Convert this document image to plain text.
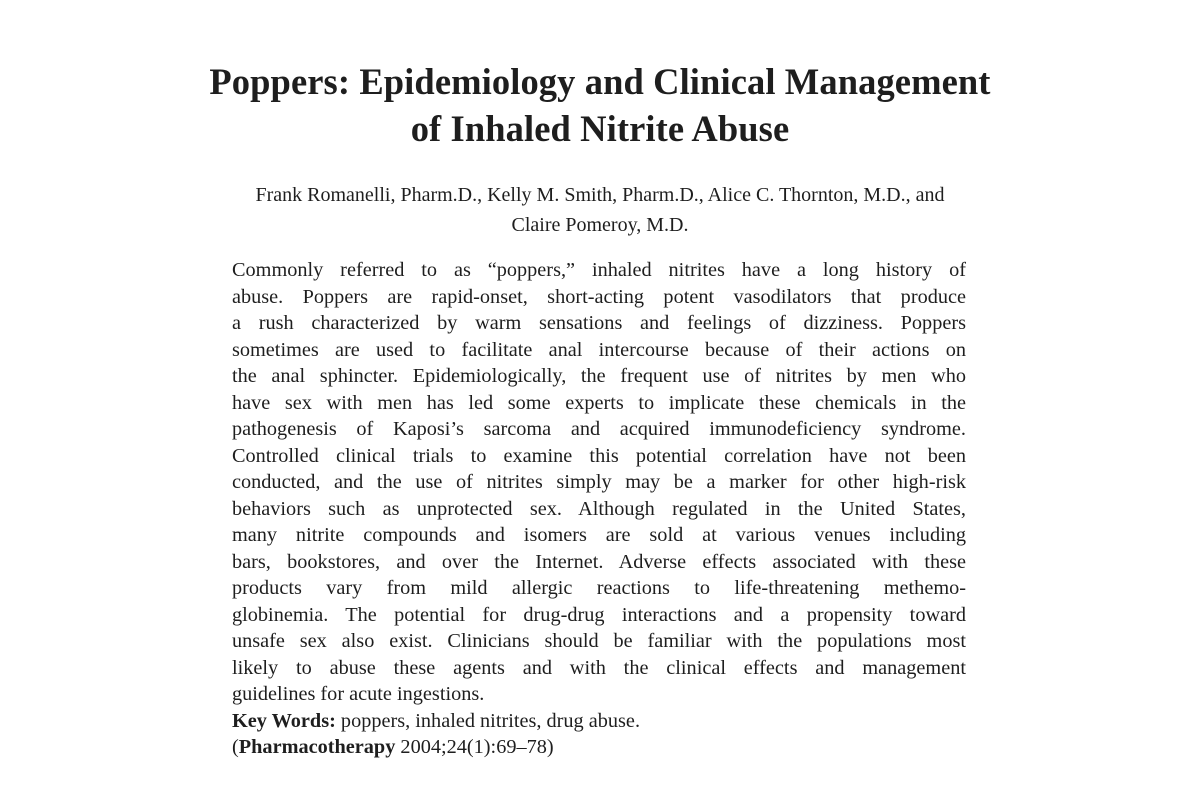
Poppers: Epidemiology and Clinical Management
of Inhaled Nitrite Abuse
Frank Romanelli, Pharm.D., Kelly M. Smith, Pharm.D., Alice C. Thornton, M.D., and
Claire Pomeroy, M.D.
Commonly referred to as “poppers,” inhaled nitrites have a long history of
abuse. Poppers are rapid-onset, short-acting potent vasodilators that produce
a rush characterized by warm sensations and feelings of dizziness. Poppers
sometimes are used to facilitate anal intercourse because of their actions on
the anal sphincter. Epidemiologically, the frequent use of nitrites by men who
have sex with men has led some experts to implicate these chemicals in the
pathogenesis of Kaposi’s sarcoma and acquired immunodeficiency syndrome.
Controlled clinical trials to examine this potential correlation have not been
conducted, and the use of nitrites simply may be a marker for other high-risk
behaviors such as unprotected sex. Although regulated in the United States,
many nitrite compounds and isomers are sold at various venues including
bars, bookstores, and over the Internet. Adverse effects associated with these
products vary from mild allergic reactions to life-threatening methemo-
globinemia. The potential for drug-drug interactions and a propensity toward
unsafe sex also exist. Clinicians should be familiar with the populations most
likely to abuse these agents and with the clinical effects and management
guidelines for acute ingestions.
Key Words: poppers, inhaled nitrites, drug abuse.
(Pharmacotherapy 2004;24(1):69–78)
